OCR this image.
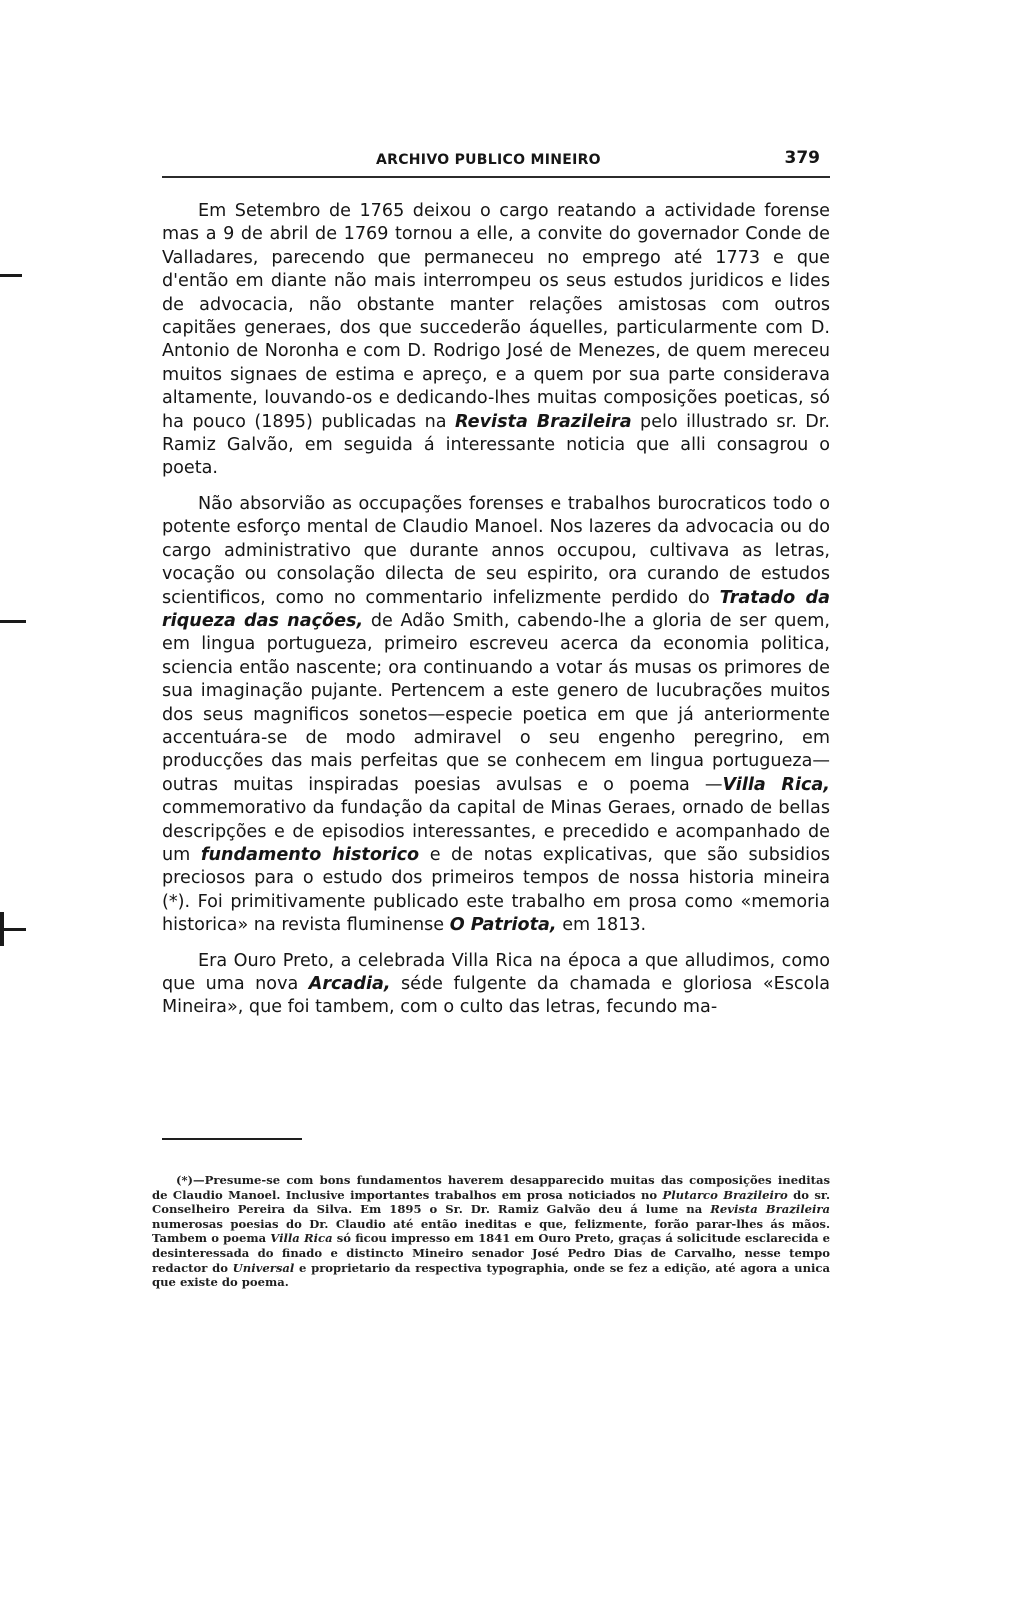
ARCHIVO PUBLICO MINEIRO	379

Em Setembro de 1765 deixou o cargo reatando a actividade forense mas a 9 de abril de 1769 tornou a elle, a convite do governador Conde de Valladares, parecendo que permaneceu no emprego até 1773 e que d'então em diante não mais interrompeu os seus estudos juridicos e lides de advocacia, não obstante manter relações amistosas com outros capitães generaes, dos que succederão áquelles, particularmente com D. Antonio de Noronha e com D. Rodrigo José de Menezes, de quem mereceu muitos signaes de estima e apreço, e a quem por sua parte considerava altamente, louvando-os e dedicando-lhes muitas composições poeticas, só ha pouco (1895) publicadas na Revista Brazileira pelo illustrado sr. Dr. Ramiz Galvão, em seguida á interessante noticia que alli consagrou o poeta.

Não absorvião as occupações forenses e trabalhos burocraticos todo o potente esforço mental de Claudio Manoel. Nos lazeres da advocacia ou do cargo administrativo que durante annos occupou, cultivava as letras, vocação ou consolação dilecta de seu espirito, ora curando de estudos scientificos, como no commentario infelizmente perdido do Tratado da riqueza das nações, de Adão Smith, cabendo-lhe a gloria de ser quem, em lingua portugueza, primeiro escreveu acerca da economia politica, sciencia então nascente; ora continuando a votar ás musas os primores de sua imaginação pujante. Pertencem a este genero de lucubrações muitos dos seus magnificos sonetos—especie poetica em que já anteriormente accentuára-se de modo admiravel o seu engenho peregrino, em producções das mais perfeitas que se conhecem em lingua portugueza—outras muitas inspiradas poesias avulsas e o poema —Villa Rica, commemorativo da fundação da capital de Minas Geraes, ornado de bellas descripções e de episodios interessantes, e precedido e acompanhado de um fundamento historico e de notas explicativas, que são subsidios preciosos para o estudo dos primeiros tempos de nossa historia mineira (*). Foi primitivamente publicado este trabalho em prosa como «memoria historica» na revista fluminense O Patriota, em 1813.

Era Ouro Preto, a celebrada Villa Rica na época a que alludimos, como que uma nova Arcadia, séde fulgente da chamada e gloriosa «Escola Mineira», que foi tambem, com o culto das letras, fecundo ma-

(*)—Presume-se com bons fundamentos haverem desapparecido muitas das composições ineditas de Claudio Manoel. Inclusive importantes trabalhos em prosa noticiados no Plutarco Brazileiro do sr. Conselheiro Pereira da Silva. Em 1895 o Sr. Dr. Ramiz Galvão deu á lume na Revista Brazileira numerosas poesias do Dr. Claudio até então ineditas e que, felizmente, forão parar-lhes ás mãos. Tambem o poema Villa Rica só ficou impresso em 1841 em Ouro Preto, graças á solicitude esclarecida e desinteressada do finado e distincto Mineiro senador José Pedro Dias de Carvalho, nesse tempo redactor do Universal e proprietario da respectiva typographia, onde se fez a edição, até agora a unica que existe do poema.
